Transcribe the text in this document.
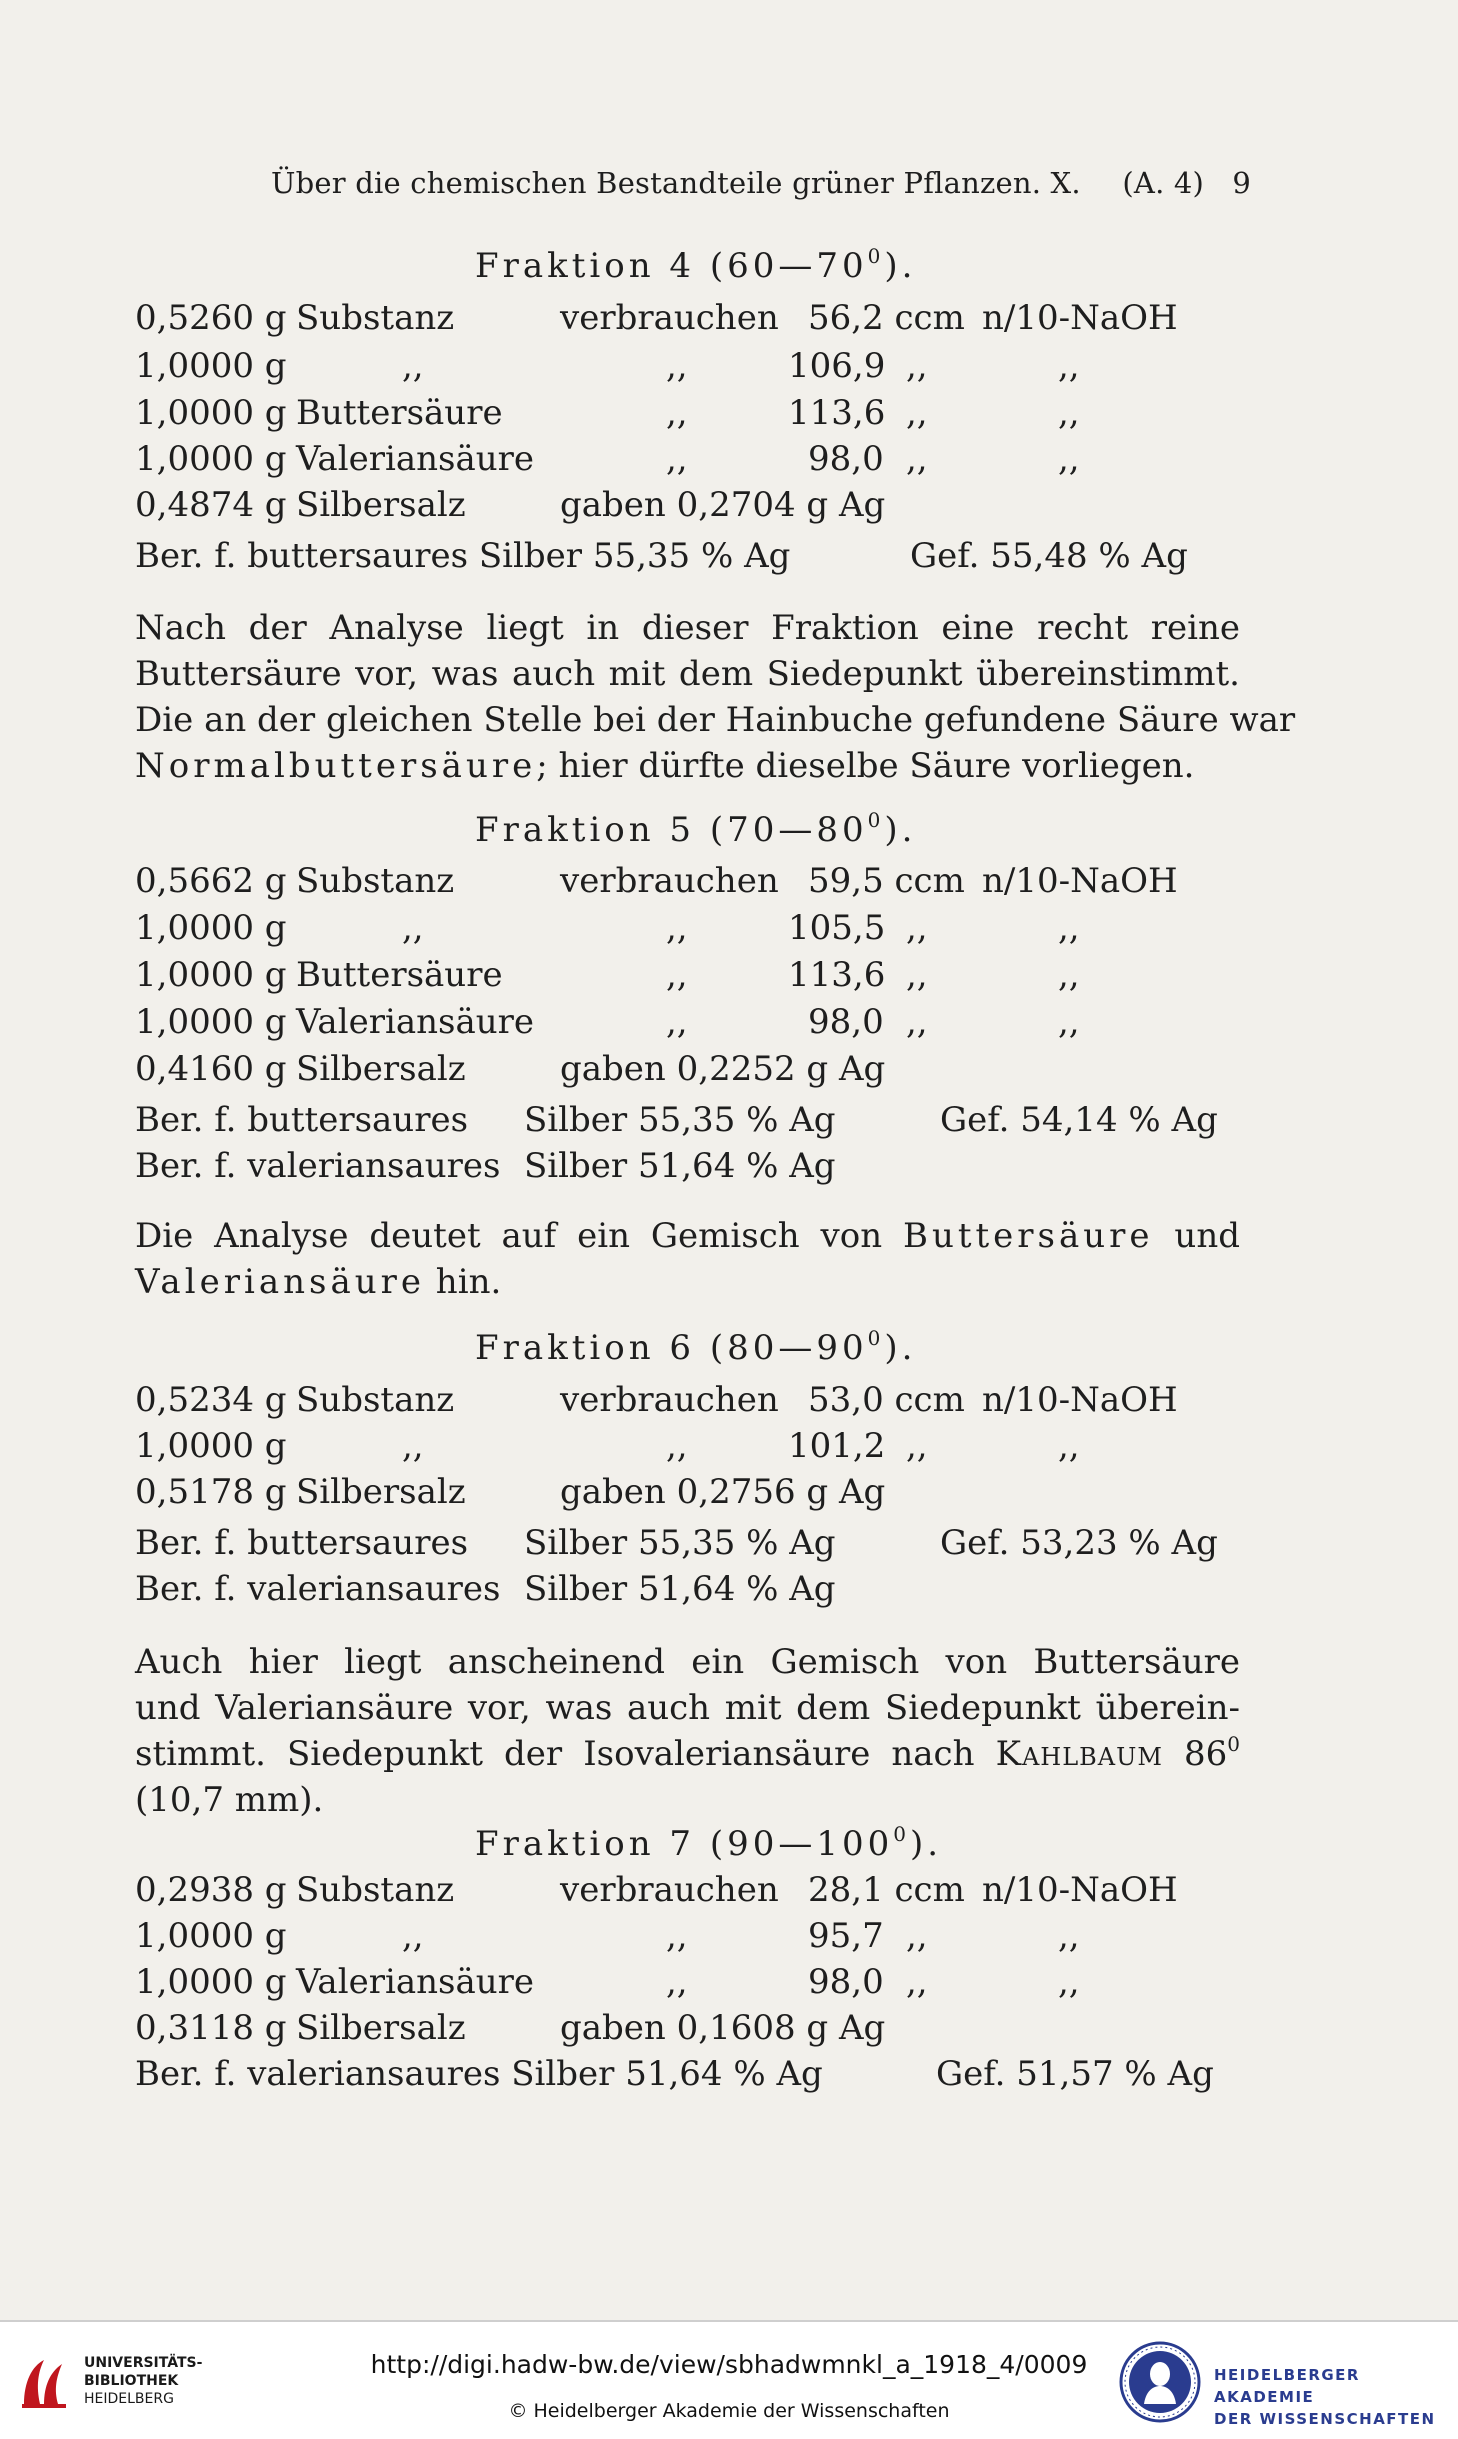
Über die chemischen Bestandteile grüner Pflanzen. X. (A. 4) 9
Fraktion 4 $(60—70^0)$.
0,5260 g Substanz	verbrauchen 56,2 ccm n/10-NaOH
1,0000 g	,,	,,	106,9 ,,	,,
1,0000 g Buttersäure	,,	113,6 ,,	,,
1,0000 g Valeriansäure	,,	98,0 ,,	,,
0,4874 g Silbersalz	gaben 0,2704 g Ag
Ber. f. buttersaures Silber 55,35 % Ag	Gef. 55,48 % Ag
Nach der Analyse liegt in dieser Fraktion eine recht reine
Buttersäure vor, was auch mit dem Siedepunkt übereinstimmt.
Die an der gleichen Stelle bei der Hainbuche gefundene Säure war
Normalbuttersäure; hier dürfte dieselbe Säure vorliegen.
Fraktion 5 $(70—80^0)$.
0,5662 g Substanz	verbrauchen 59,5 ccm n/10-NaOH
1,0000 g	,,	,,	105,5 ,,	,,
1,0000 g Buttersäure	,,	113,6 ,,	,,
1,0000 g Valeriansäure	,,	98,0 ,,	,,
0,4160 g Silbersalz	gaben 0,2252 g Ag
Ber. f. buttersaures Silber 55,35 % Ag	Gef. 54,14 % Ag
Ber. f. valeriansaures Silber 51,64 % Ag
Die Analyse deutet auf ein Gemisch von Buttersäure und
Valeriansäure hin.
Fraktion 6 $(80—90^0)$.
0,5234 g Substanz	verbrauchen 53,0 ccm n/10-NaOH
1,0000 g	,,	,,	101,2 ,,	,,
0,5178 g Silbersalz	gaben 0,2756 g Ag
Ber. f. buttersaures Silber 55,35 % Ag	Gef. 53,23 % Ag
Ber. f. valeriansaures Silber 51,64 % Ag
Auch hier liegt anscheinend ein Gemisch von Buttersäure
und Valeriansäure vor, was auch mit dem Siedepunkt überein-
stimmt. Siedepunkt der Isovaleriansäure nach Kahlbaum $86^0$
(10,7 mm).
Fraktion 7 $(90—100^0)$.
0,2938 g Substanz	verbrauchen 28,1 ccm n/10-NaOH
1,0000 g	,,	,,	95,7 ,,	,,
1,0000 g Valeriansäure	,,	98,0 ,,	,,
0,3118 g Silbersalz	gaben 0,1608 g Ag
Ber. f. valeriansaures Silber 51,64 % Ag	Gef. 51,57 % Ag
UNIVERSITÄTS-
BIBLIOTHEK
HEIDELBERG
http://digi.hadw-bw.de/view/sbhadwmnkl_a_1918_4/0009
© Heidelberger Akademie der Wissenschaften
HEIDELBERGER AKADEMIE
DER WISSENSCHAFTEN
